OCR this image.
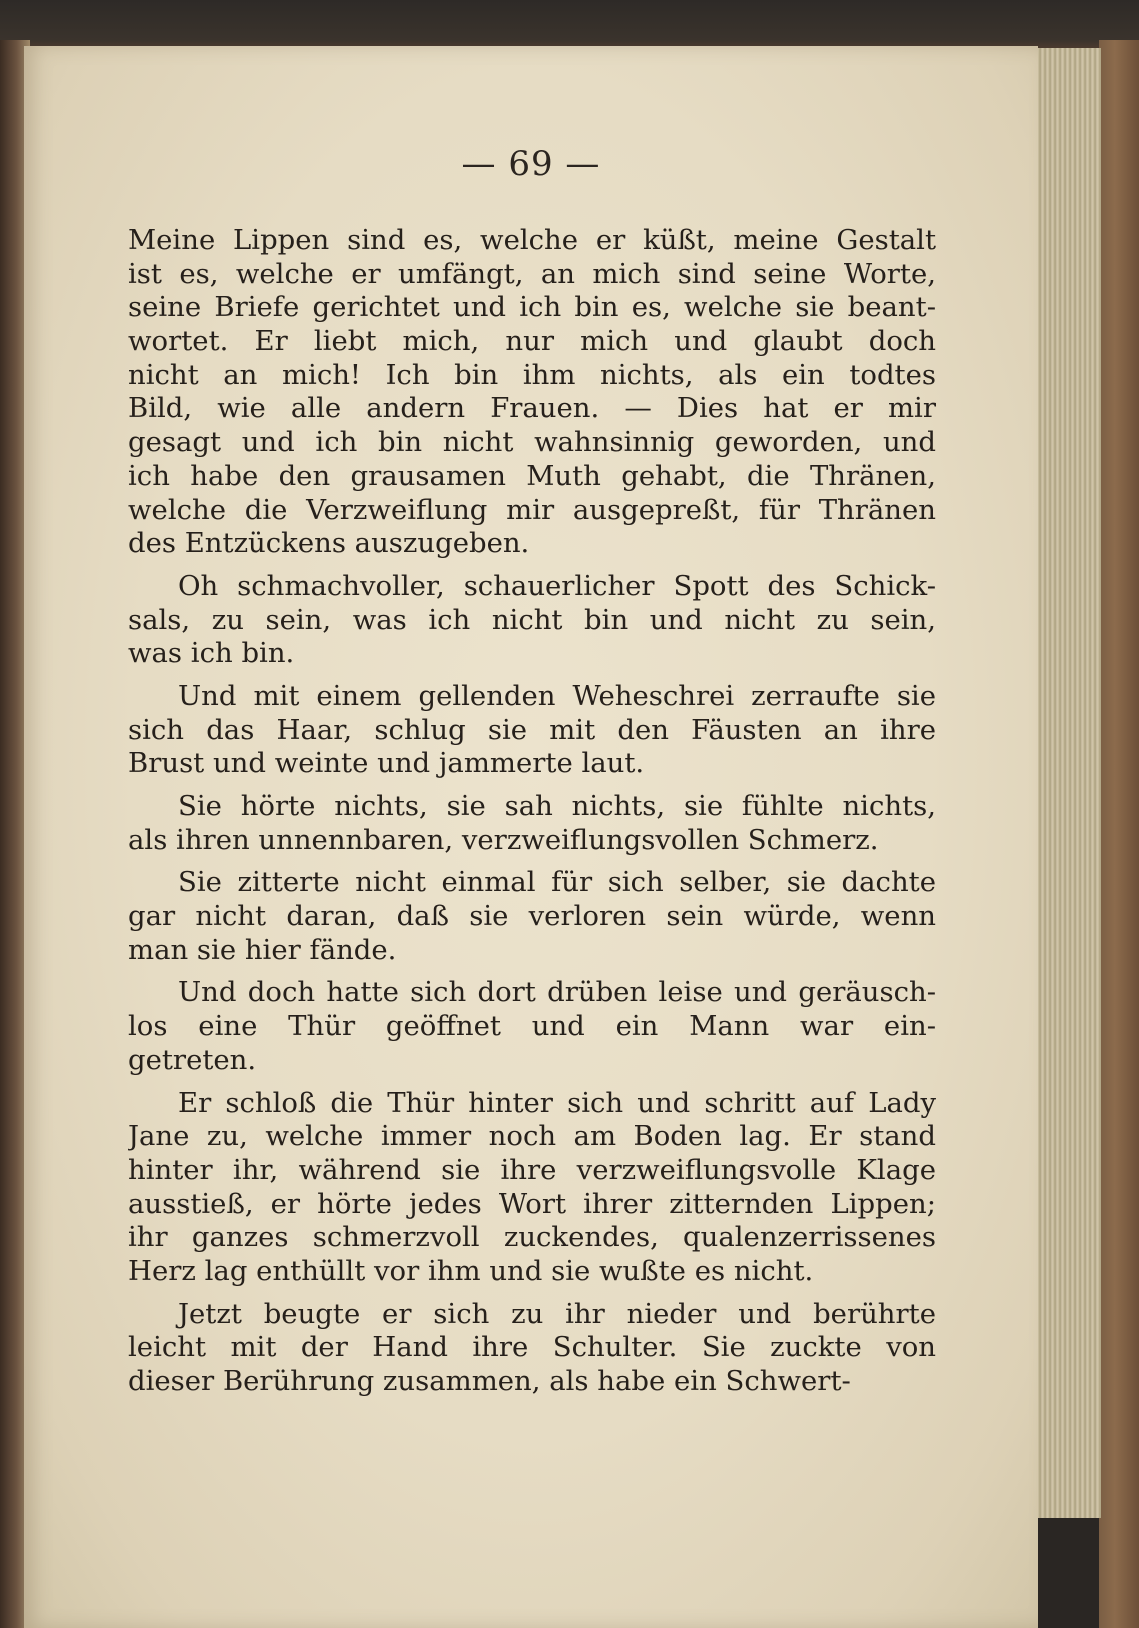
— 69 —
Meine Lippen sind es, welche er küßt, meine Gestalt
ist es, welche er umfängt, an mich sind seine Worte,
seine Briefe gerichtet und ich bin es, welche sie beant-
wortet. Er liebt mich, nur mich und glaubt doch
nicht an mich! Ich bin ihm nichts, als ein todtes
Bild, wie alle andern Frauen. — Dies hat er mir
gesagt und ich bin nicht wahnsinnig geworden, und
ich habe den grausamen Muth gehabt, die Thränen,
welche die Verzweiflung mir ausgepreßt, für Thränen
des Entzückens auszugeben.
Oh schmachvoller, schauerlicher Spott des Schick-
sals, zu sein, was ich nicht bin und nicht zu sein,
was ich bin.
Und mit einem gellenden Weheschrei zerraufte sie
sich das Haar, schlug sie mit den Fäusten an ihre
Brust und weinte und jammerte laut.
Sie hörte nichts, sie sah nichts, sie fühlte nichts,
als ihren unnennbaren, verzweiflungsvollen Schmerz.
Sie zitterte nicht einmal für sich selber, sie dachte
gar nicht daran, daß sie verloren sein würde, wenn
man sie hier fände.
Und doch hatte sich dort drüben leise und geräusch-
los eine Thür geöffnet und ein Mann war ein-
getreten.
Er schloß die Thür hinter sich und schritt auf Lady
Jane zu, welche immer noch am Boden lag. Er stand
hinter ihr, während sie ihre verzweiflungsvolle Klage
ausstieß, er hörte jedes Wort ihrer zitternden Lippen;
ihr ganzes schmerzvoll zuckendes, qualenzerrissenes
Herz lag enthüllt vor ihm und sie wußte es nicht.
Jetzt beugte er sich zu ihr nieder und berührte
leicht mit der Hand ihre Schulter. Sie zuckte von
dieser Berührung zusammen, als habe ein Schwert-
